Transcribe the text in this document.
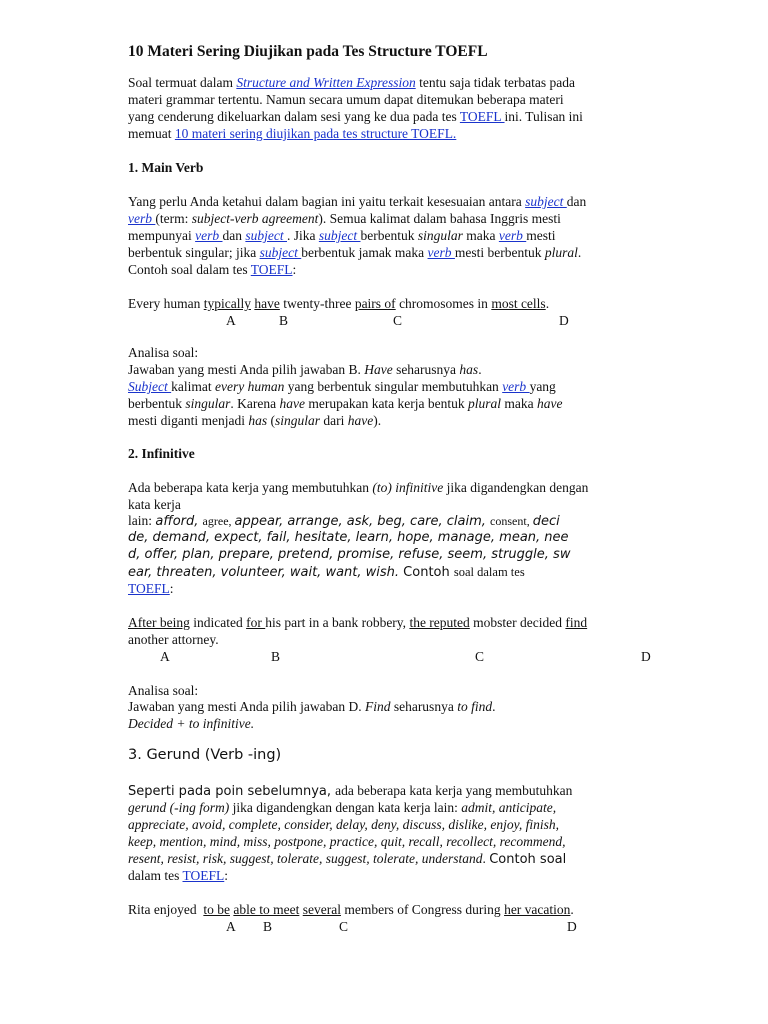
10 Materi Sering Diujikan pada Tes Structure TOEFL
Soal termuat dalam Structure and Written Expression tentu saja tidak terbatas pada
materi grammar tertentu. Namun secara umum dapat ditemukan beberapa materi
yang cenderung dikeluarkan dalam sesi yang ke dua pada tes TOEFL ini. Tulisan ini
memuat 10 materi sering diujikan pada tes structure TOEFL.
1. Main Verb
Yang perlu Anda ketahui dalam bagian ini yaitu terkait kesesuaian antara subject dan
verb (term: subject-verb agreement). Semua kalimat dalam bahasa Inggris mesti
mempunyai verb dan subject . Jika subject berbentuk singular maka verb mesti
berbentuk singular; jika subject berbentuk jamak maka verb mesti berbentuk plural.
Contoh soal dalam tes TOEFL:
Every human typically have twenty-three pairs of chromosomes in most cells.
A	B	C	D
Analisa soal:
Jawaban yang mesti Anda pilih jawaban B. Have seharusnya has.
Subject kalimat every human yang berbentuk singular membutuhkan verb yang
berbentuk singular. Karena have merupakan kata kerja bentuk plural maka have
mesti diganti menjadi has (singular dari have).
2. Infinitive
Ada beberapa kata kerja yang membutuhkan (to) infinitive jika digandengkan dengan
kata kerja
lain: afford, agree, appear, arrange, ask, beg, care, claim, consent, deci
de, demand, expect, fail, hesitate, learn, hope, manage, mean, nee
d, offer, plan, prepare, pretend, promise, refuse, seem, struggle, sw
ear, threaten, volunteer, wait, want, wish. Contoh soal dalam tes
TOEFL:
After being indicated for his part in a bank robbery, the reputed mobster decided find
another attorney.
A	B	C	D
Analisa soal:
Jawaban yang mesti Anda pilih jawaban D. Find seharusnya to find.
Decided + to infinitive.
3. Gerund (Verb -ing)
Seperti pada poin sebelumnya, ada beberapa kata kerja yang membutuhkan
gerund (-ing form) jika digandengkan dengan kata kerja lain: admit, anticipate,
appreciate, avoid, complete, consider, delay, deny, discuss, dislike, enjoy, finish,
keep, mention, mind, miss, postpone, practice, quit, recall, recollect, recommend,
resent, resist, risk, suggest, tolerate, suggest, tolerate, understand. Contoh soal
dalam tes TOEFL:
Rita enjoyed  to be able to meet several members of Congress during her vacation.
A B	C	D
